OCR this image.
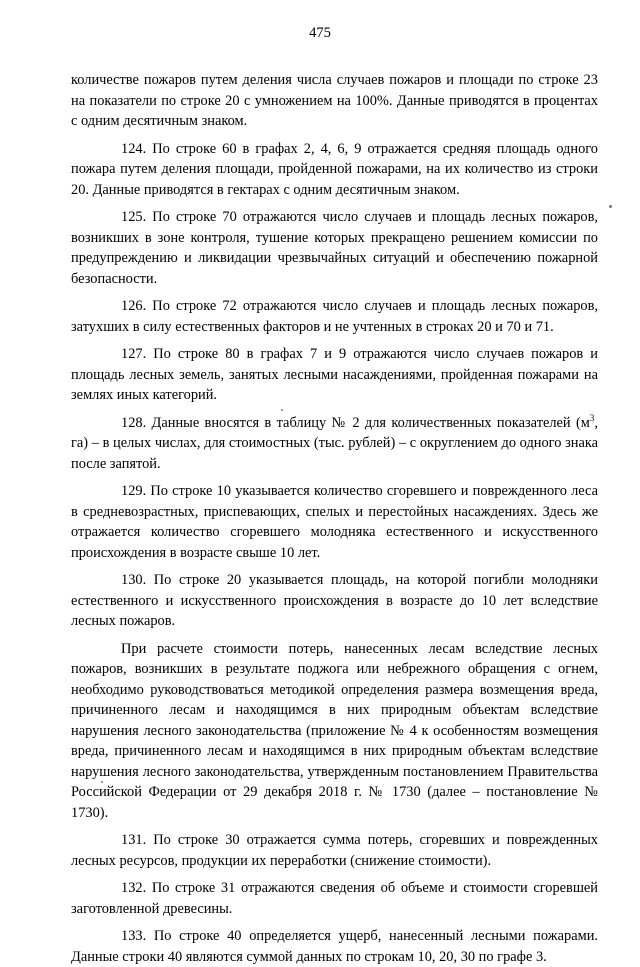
475

количестве пожаров путем деления числа случаев пожаров и площади по строке 23 на показатели по строке 20 с умножением на 100%. Данные приводятся в процентах с одним десятичным знаком.

124. По строке 60 в графах 2, 4, 6, 9 отражается средняя площадь одного пожара путем деления площади, пройденной пожарами, на их количество из строки 20. Данные приводятся в гектарах с одним десятичным знаком.

125. По строке 70 отражаются число случаев и площадь лесных пожаров, возникших в зоне контроля, тушение которых прекращено решением комиссии по предупреждению и ликвидации чрезвычайных ситуаций и обеспечению пожарной безопасности.

126. По строке 72 отражаются число случаев и площадь лесных пожаров, затухших в силу естественных факторов и не учтенных в строках 20 и 70 и 71.

127. По строке 80 в графах 7 и 9 отражаются число случаев пожаров и площадь лесных земель, занятых лесными насаждениями, пройденная пожарами на землях иных категорий.

128. Данные вносятся в таблицу № 2 для количественных показателей ($м^3$, га) – в целых числах, для стоимостных (тыс. рублей) – с округлением до одного знака после запятой.

129. По строке 10 указывается количество сгоревшего и поврежденного леса в средневозрастных, приспевающих, спелых и перестойных насаждениях. Здесь же отражается количество сгоревшего молодняка естественного и искусственного происхождения в возрасте свыше 10 лет.

130. По строке 20 указывается площадь, на которой погибли молодняки естественного и искусственного происхождения в возрасте до 10 лет вследствие лесных пожаров.

При расчете стоимости потерь, нанесенных лесам вследствие лесных пожаров, возникших в результате поджога или небрежного обращения с огнем, необходимо руководствоваться методикой определения размера возмещения вреда, причиненного лесам и находящимся в них природным объектам вследствие нарушения лесного законодательства (приложение № 4 к особенностям возмещения вреда, причиненного лесам и находящимся в них природным объектам вследствие нарушения лесного законодательства, утвержденным постановлением Правительства Российской Федерации от 29 декабря 2018 г. № 1730 (далее – постановление № 1730).

131. По строке 30 отражается сумма потерь, сгоревших и поврежденных лесных ресурсов, продукции их переработки (снижение стоимости).

132. По строке 31 отражаются сведения об объеме и стоимости сгоревшей заготовленной древесины.

133. По строке 40 определяется ущерб, нанесенный лесными пожарами. Данные строки 40 являются суммой данных по строкам 10, 20, 30 по графе 3.
